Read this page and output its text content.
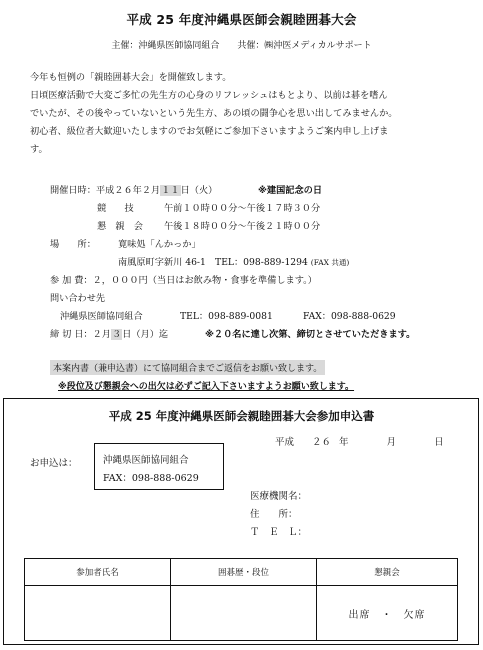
平成 25 年度沖縄県医師会親睦囲碁大会
主催：沖縄県医師協同組合 共催：㈱沖医メディカルサポート
今年も恒例の「親睦囲碁大会」を開催致します。
日頃医療活動で大変ご多忙の先生方の心身のリフレッシュはもとより、以前は碁を嗜ん
でいたが、その後やっていないという先生方、あの頃の闘争心を思い出してみませんか。
初心者、級位者大歓迎いたしますのでお気軽にご参加下さいますようご案内申し上げま
す。
開催日時：平成２６年２月１１日（火）	※建国記念の日
競　　技	午前１０時００分～午後１７時３０分
懇　親　会 午後１８時００分～午後２１時００分
場　　所： 寛味処「んかっか」
南風原町字新川 46-1　TEL：098-889-1294 (FAX 共通)
参 加 費：２，０００円（当日はお飲み物・食事を準備します。）
問い合わせ先
沖縄県医師協同組合	TEL：098-889-0081	FAX：098-888-0629
締 切 日：２月３日（月）迄	※２０名に達し次第、締切とさせていただきます。
本案内書（兼申込書）にて協同組合までご返信をお願い致します。
※段位及び懇親会への出欠は必ずご記入下さいますようお願い致します。
平成 25 年度沖縄県医師会親睦囲碁大会参加申込書
平成 ２６ 年	月	日
お申込は：	沖縄県医師協同組合
FAX：098-888-0629
医療機関名：
住　　所：
Ｔ　Ｅ　Ｌ：
参加者氏名	囲碁歴・段位	懇親会
		出席　・　欠席
